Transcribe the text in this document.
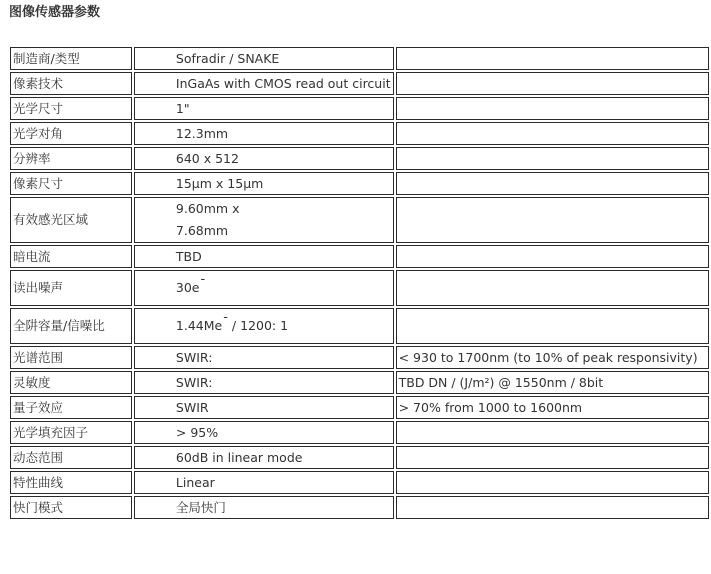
图像传感器参数
制造商/类型	Sofradir / SNAKE	
像素技术	InGaAs with CMOS read out circuit	
光学尺寸	1"	
光学对角	12.3mm	
分辨率	640 x 512	
像素尺寸	15µm x 15µm	
有效感光区域	9.60mm x
7.68mm	

暗电流	TBD	
读出噪声	30e-	
全阱容量/信噪比	1.44Me-/ 1200: 1	
光谱范围	SWIR:	< 930 to 1700nm (to 10% of peak responsivity)
灵敏度	SWIR:	TBD DN / (J/m²) @ 1550nm / 8bit
量子效应	SWIR	> 70% from 1000 to 1600nm
光学填充因子	> 95%	
动态范围	60dB in linear mode	
特性曲线	Linear	
快门模式	全局快门	
